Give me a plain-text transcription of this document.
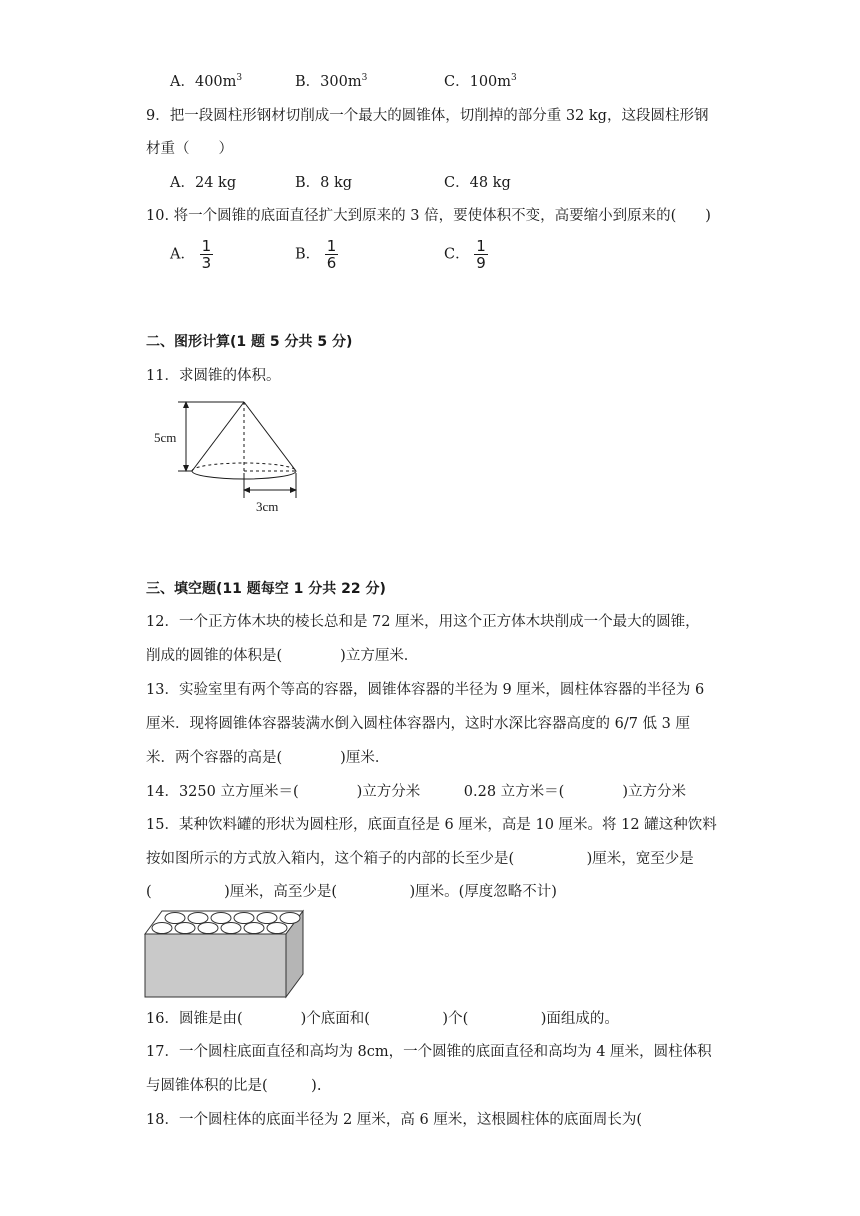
A．$400m^3$	B．$300m^3$	C．$100m^3$
9．把一段圆柱形钢材切削成一个最大的圆锥体，切削掉的部分重 32 kg，这段圆柱形钢
材重（　　）
A．24 kg	B．8 kg	C．48 kg
10. 将一个圆锥的底面直径扩大到原来的 3 倍，要使体积不变，高要缩小到原来的(　　)
A． $\frac{1}{3}$	B． $\frac{1}{6}$	C． $\frac{1}{9}$
二、图形计算(1 题 5 分共 5 分)
11．求圆锥的体积。
5cm
3cm
三、填空题(11 题每空 1 分共 22 分)
12．一个正方体木块的棱长总和是 72 厘米，用这个正方体木块削成一个最大的圆锥，
削成的圆锥的体积是(　　　　)立方厘米．
13．实验室里有两个等高的容器，圆锥体容器的半径为 9 厘米，圆柱体容器的半径为 6
厘米．现将圆锥体容器装满水倒入圆柱体容器内，这时水深比容器高度的 6/7 低 3 厘
米．两个容器的高是(　　　　)厘米．
14．3250 立方厘米＝(　　　　)立方分米　　　0.28 立方米＝(　　　　)立方分米
15．某种饮料罐的形状为圆柱形，底面直径是 6 厘米，高是 10 厘米。将 12 罐这种饮料
按如图所示的方式放入箱内，这个箱子的内部的长至少是(　　　　　)厘米，宽至少是
(　　　　　)厘米，高至少是(　　　　　)厘米。(厚度忽略不计)
16．圆锥是由(　　　　)个底面和(　　　　　)个(　　　　　)面组成的。
17．一个圆柱底面直径和高均为 8cm，一个圆锥的底面直径和高均为 4 厘米，圆柱体积
与圆锥体积的比是(　　　).
18．一个圆柱体的底面半径为 2 厘米，高 6 厘米，这根圆柱体的底面周长为(
